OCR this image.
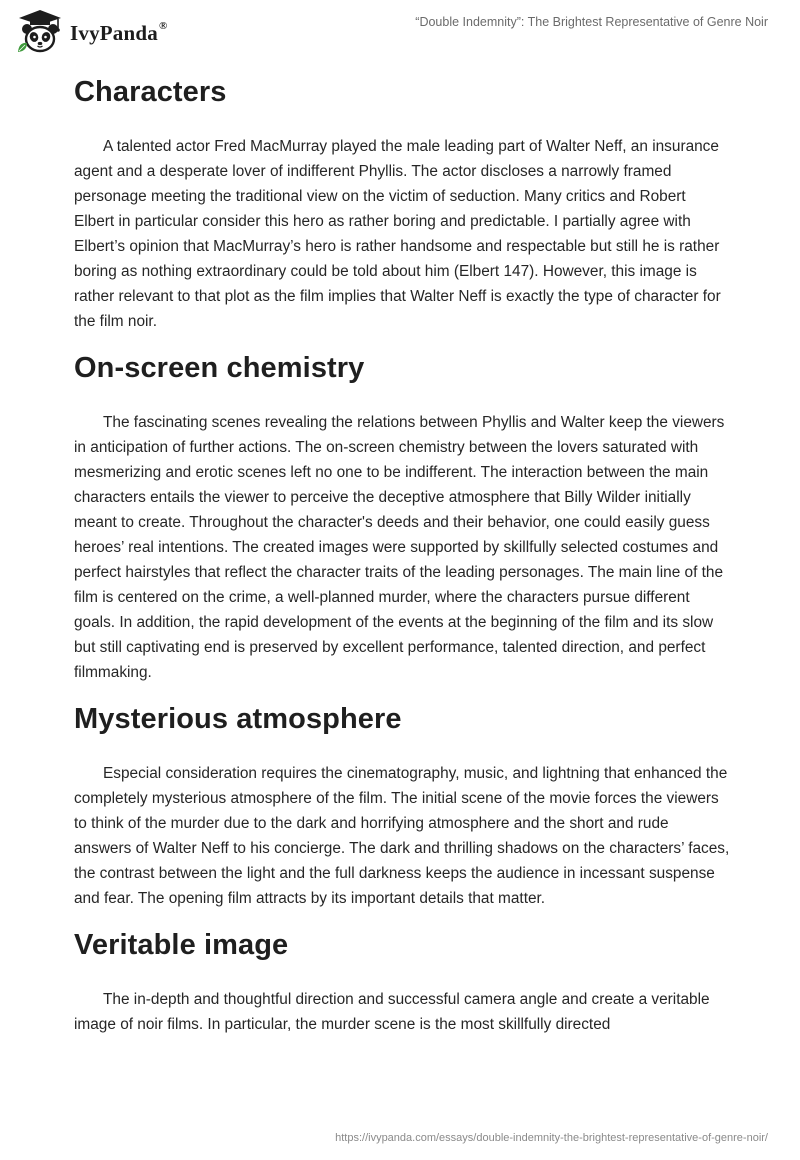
IvyPanda®	“Double Indemnity”: The Brightest Representative of Genre Noir
Characters

A talented actor Fred MacMurray played the male leading part of Walter Neff, an insurance agent and a desperate lover of indifferent Phyllis. The actor discloses a narrowly framed personage meeting the traditional view on the victim of seduction. Many critics and Robert Elbert in particular consider this hero as rather boring and predictable. I partially agree with Elbert’s opinion that MacMurray’s hero is rather handsome and respectable but still he is rather boring as nothing extraordinary could be told about him (Elbert 147). However, this image is rather relevant to that plot as the film implies that Walter Neff is exactly the type of character for the film noir.

On-screen chemistry

The fascinating scenes revealing the relations between Phyllis and Walter keep the viewers in anticipation of further actions. The on-screen chemistry between the lovers saturated with mesmerizing and erotic scenes left no one to be indifferent. The interaction between the main characters entails the viewer to perceive the deceptive atmosphere that Billy Wilder initially meant to create. Throughout the character's deeds and their behavior, one could easily guess heroes’ real intentions. The created images were supported by skillfully selected costumes and perfect hairstyles that reflect the character traits of the leading personages. The main line of the film is centered on the crime, a well-planned murder, where the characters pursue different goals. In addition, the rapid development of the events at the beginning of the film and its slow but still captivating end is preserved by excellent performance, talented direction, and perfect filmmaking.

Mysterious atmosphere

Especial consideration requires the cinematography, music, and lightning that enhanced the completely mysterious atmosphere of the film. The initial scene of the movie forces the viewers to think of the murder due to the dark and horrifying atmosphere and the short and rude answers of Walter Neff to his concierge. The dark and thrilling shadows on the characters’ faces, the contrast between the light and the full darkness keeps the audience in incessant suspense and fear. The opening film attracts by its important details that matter.

Veritable image

The in-depth and thoughtful direction and successful camera angle and create a veritable image of noir films. In particular, the murder scene is the most skillfully directed

https://ivypanda.com/essays/double-indemnity-the-brightest-representative-of-genre-noir/
